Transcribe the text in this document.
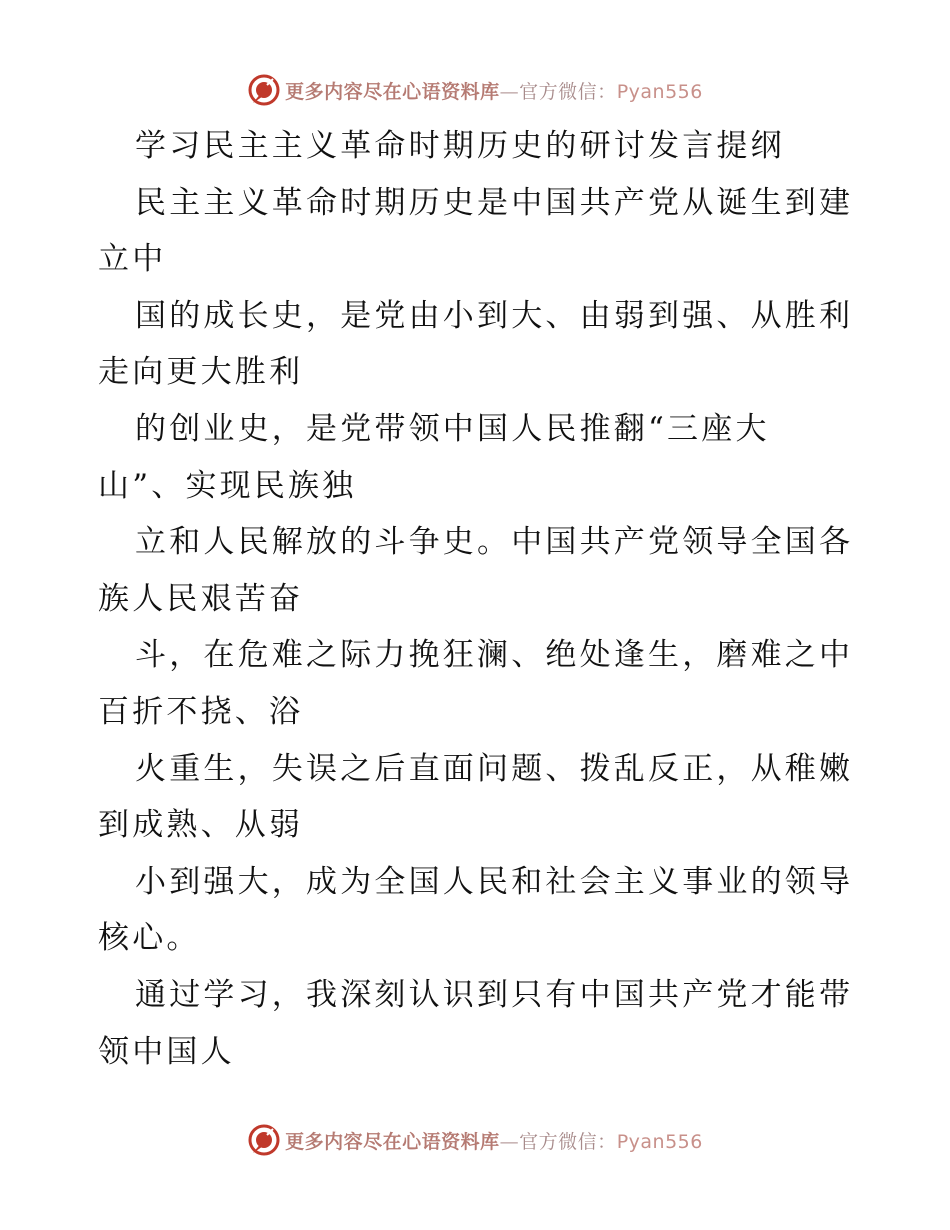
更多内容尽在心语资料库—官方微信：Pyan556
学习民主主义革命时期历史的研讨发言提纲
民主主义革命时期历史是中国共产党从诞生到建
立中
国的成长史，是党由小到大、由弱到强、从胜利
走向更大胜利
的创业史，是党带领中国人民推翻“三座大
山”、实现民族独
立和人民解放的斗争史。中国共产党领导全国各
族人民艰苦奋
斗，在危难之际力挽狂澜、绝处逢生，磨难之中
百折不挠、浴
火重生，失误之后直面问题、拨乱反正，从稚嫩
到成熟、从弱
小到强大，成为全国人民和社会主义事业的领导
核心。
通过学习，我深刻认识到只有中国共产党才能带
领中国人
更多内容尽在心语资料库—官方微信：Pyan556
